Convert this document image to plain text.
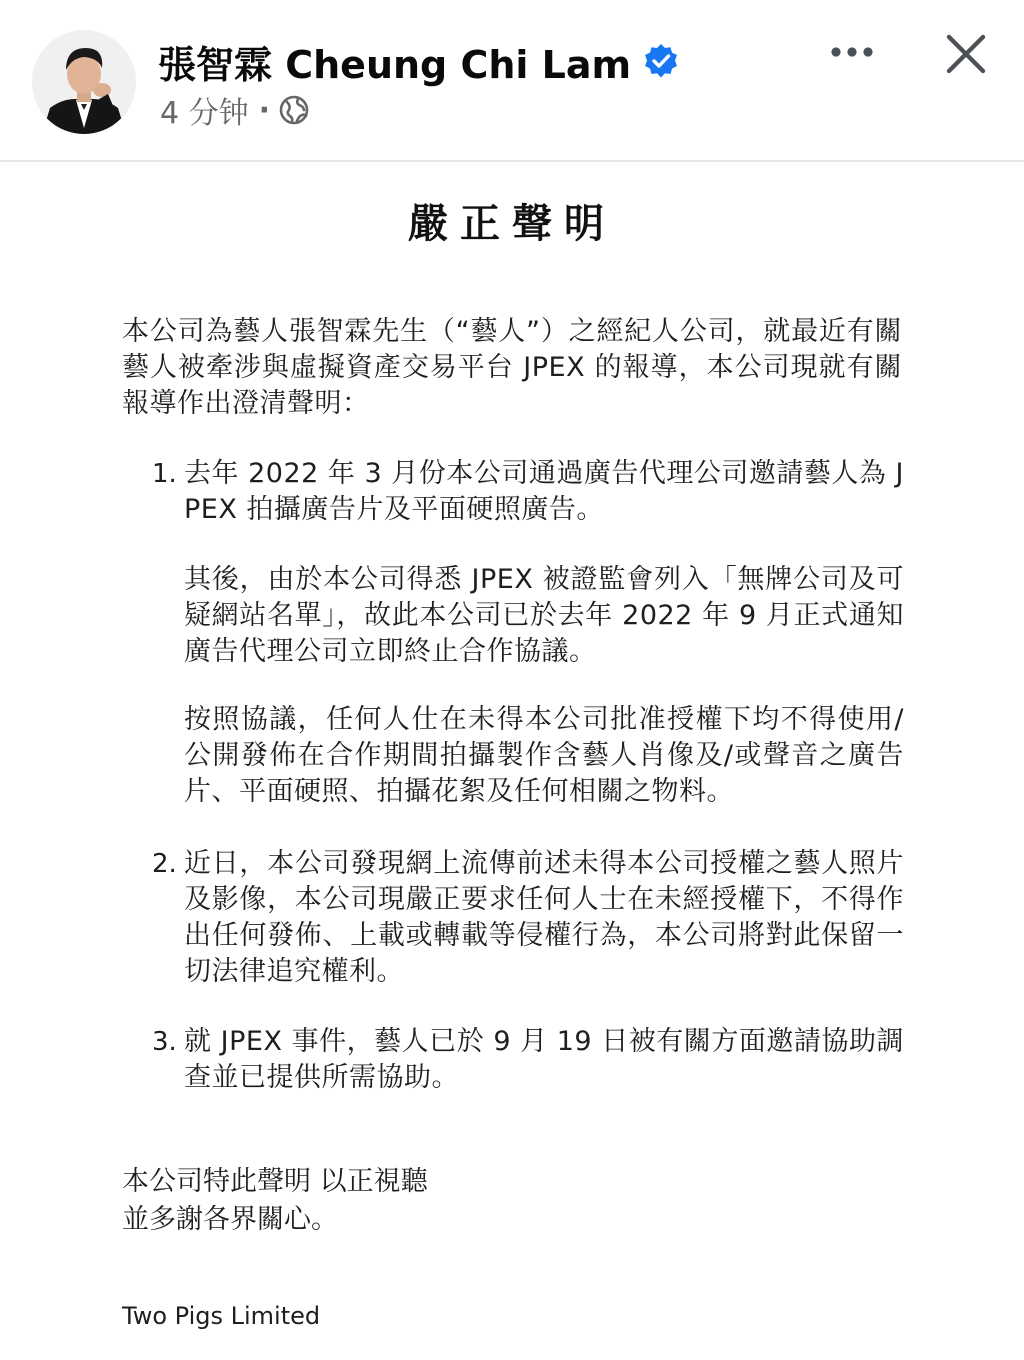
張智霖 Cheung Chi Lam
4 分钟 ·
嚴正聲明
本公司為藝人張智霖先生（“藝人”）之經紀人公司，就最近有關藝人被牽涉與虛擬資產交易平台 JPEX 的報導，本公司現就有關報導作出澄清聲明：
1. 去年 2022 年 3 月份本公司通過廣告代理公司邀請藝人為 JPEX 拍攝廣告片及平面硬照廣告。
其後，由於本公司得悉 JPEX 被證監會列入「無牌公司及可疑網站名單」，故此本公司已於去年 2022 年 9 月正式通知廣告代理公司立即終止合作協議。
按照協議，任何人仕在未得本公司批准授權下均不得使用/公開發佈在合作期間拍攝製作含藝人肖像及/或聲音之廣告片、平面硬照、拍攝花絮及任何相關之物料。
2. 近日，本公司發現網上流傳前述未得本公司授權之藝人照片及影像，本公司現嚴正要求任何人士在未經授權下，不得作出任何發佈、上載或轉載等侵權行為，本公司將對此保留一切法律追究權利。
3. 就 JPEX 事件，藝人已於 9 月 19 日被有關方面邀請協助調查並已提供所需協助。
本公司特此聲明 以正視聽
並多謝各界關心。
Two Pigs Limited
